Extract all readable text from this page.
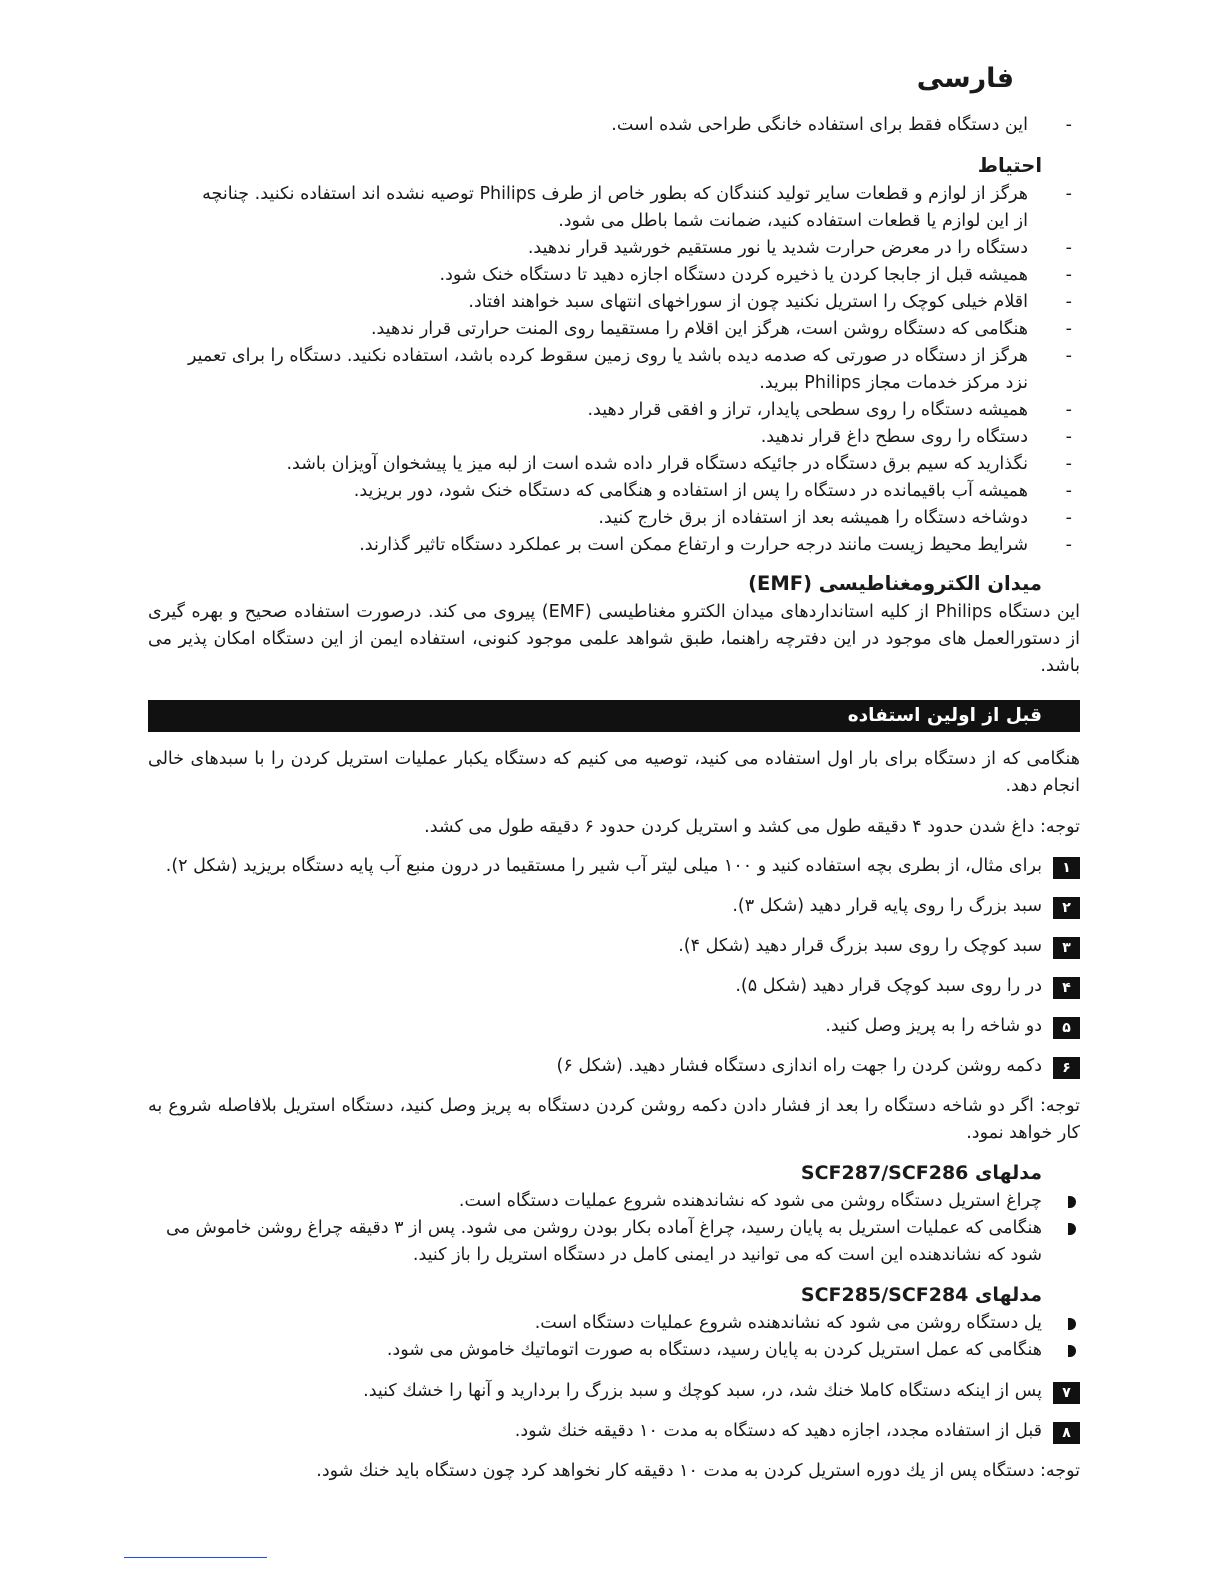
فارسی
- این دستگاه فقط برای استفاده خانگی طراحی شده است.
احتیاط
- هرگز از لوازم و قطعات سایر تولید کنندگان که بطور خاص از طرف Philips توصیه نشده اند استفاده نکنید. چنانچه از این لوازم یا قطعات استفاده کنید، ضمانت شما باطل می شود.
- دستگاه را در معرض حرارت شدید یا نور مستقیم خورشید قرار ندهید.
- همیشه قبل از جابجا کردن یا ذخیره کردن دستگاه اجازه دهید تا دستگاه خنک شود.
- اقلام خیلی کوچک را استریل نکنید چون از سوراخهای انتهای سبد خواهند افتاد.
- هنگامی که دستگاه روشن است، هرگز این اقلام را مستقیما روی المنت حرارتی قرار ندهید.
- هرگز از دستگاه در صورتی که صدمه دیده باشد یا روی زمین سقوط کرده باشد، استفاده نکنید. دستگاه را برای تعمیر نزد مرکز خدمات مجاز Philips ببرید.
- همیشه دستگاه را روی سطحی پایدار، تراز و افقی قرار دهید.
- دستگاه را روی سطح داغ قرار ندهید.
- نگذارید که سیم برق دستگاه در جائیکه دستگاه قرار داده شده است از لبه میز یا پیشخوان آویزان باشد.
- همیشه آب باقیمانده در دستگاه را پس از استفاده و هنگامی که دستگاه خنک شود، دور بریزید.
- دوشاخه دستگاه را همیشه بعد از استفاده از برق خارج کنید.
- شرایط محیط زیست مانند درجه حرارت و ارتفاع ممکن است بر عملکرد دستگاه تاثیر گذارند.
میدان الکترومغناطیسی (EMF)

این دستگاه Philips از کلیه استانداردهای میدان الکترو مغناطیسی (EMF) پیروی می کند. درصورت استفاده صحیح و بهره گیری از دستورالعمل های موجود در این دفترچه راهنما، طبق شواهد علمی موجود کنونی، استفاده ایمن از این دستگاه امکان پذیر می باشد.

قبل از اولین استفاده

هنگامی که از دستگاه برای بار اول استفاده می کنید، توصیه می کنیم که دستگاه یکبار عملیات استریل کردن را با سبدهای خالی انجام دهد.

توجه: داغ شدن حدود ۴ دقیقه طول می کشد و استریل کردن حدود ۶ دقیقه طول می کشد.

۱
برای مثال، از بطری بچه استفاده کنید و ۱۰۰ میلی لیتر آب شیر را مستقیما در درون منبع آب پایه دستگاه بریزید (شکل ۲).
۲
سبد بزرگ را روی پایه قرار دهید (شکل ۳).
۳
سبد کوچک را روی سبد بزرگ قرار دهید (شکل ۴).
۴
در را روی سبد کوچک قرار دهید (شکل ۵).
۵
دو شاخه را به پریز وصل کنید.
۶
دکمه روشن کردن را جهت راه اندازی دستگاه فشار دهید. (شکل ۶)

توجه: اگر دو شاخه دستگاه را بعد از فشار دادن دکمه روشن کردن دستگاه به پریز وصل کنید، دستگاه استریل بلافاصله شروع به کار خواهد نمود.

مدلهای SCF287/SCF286
چراغ استریل دستگاه روشن می شود که نشاندهنده شروع عملیات دستگاه است.
هنگامی که عملیات استریل به پایان رسید، چراغ آماده بکار بودن روشن می شود. پس از ۳ دقیقه چراغ روشن خاموش می شود که نشاندهنده این است که می توانید در ایمنی کامل در دستگاه استریل را باز کنید.
مدلهای SCF285/SCF284
یل دستگاه روشن می شود که نشاندهنده شروع عملیات دستگاه است.
هنگامی که عمل استریل کردن به پایان رسید، دستگاه به صورت اتوماتیك خاموش می شود.
۷
پس از اینکه دستگاه کاملا خنك شد، در، سبد کوچك و سبد بزرگ را بردارید و آنها را خشك کنید.
۸
قبل از استفاده مجدد، اجازه دهید که دستگاه به مدت ۱۰ دقیقه خنك شود.

توجه: دستگاه پس از یك دوره استریل کردن به مدت ۱۰ دقیقه کار نخواهد کرد چون دستگاه باید خنك شود.
